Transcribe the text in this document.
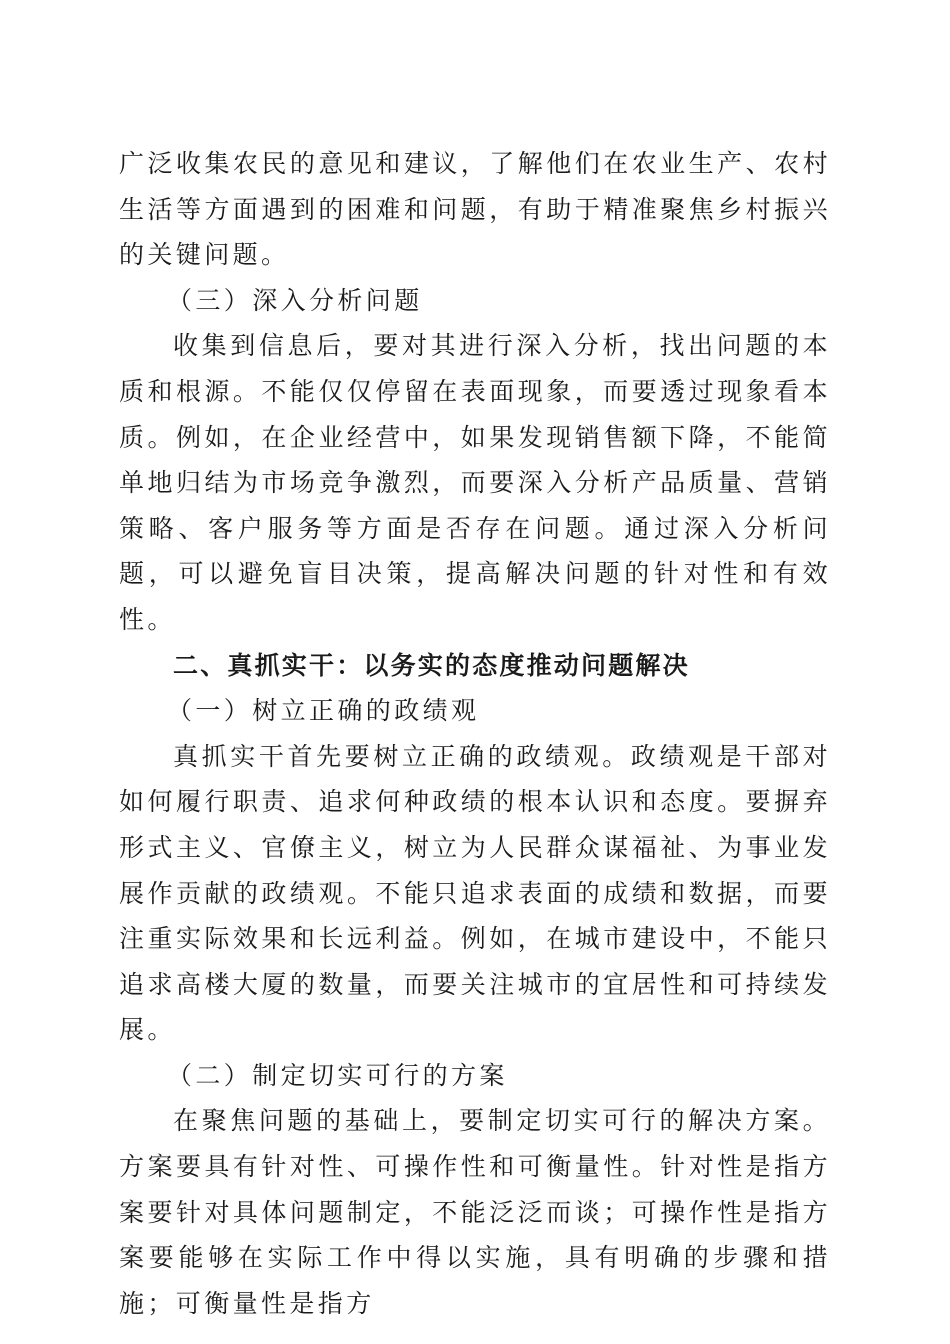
广泛收集农民的意见和建议，了解他们在农业生产、农村生活等方面遇到的困难和问题，有助于精准聚焦乡村振兴的关键问题。

（三）深入分析问题

收集到信息后，要对其进行深入分析，找出问题的本质和根源。不能仅仅停留在表面现象，而要透过现象看本质。例如，在企业经营中，如果发现销售额下降，不能简单地归结为市场竞争激烈，而要深入分析产品质量、营销策略、客户服务等方面是否存在问题。通过深入分析问题，可以避免盲目决策，提高解决问题的针对性和有效性。

二、真抓实干：以务实的态度推动问题解决

（一）树立正确的政绩观

真抓实干首先要树立正确的政绩观。政绩观是干部对如何履行职责、追求何种政绩的根本认识和态度。要摒弃形式主义、官僚主义，树立为人民群众谋福祉、为事业发展作贡献的政绩观。不能只追求表面的成绩和数据，而要注重实际效果和长远利益。例如，在城市建设中，不能只追求高楼大厦的数量，而要关注城市的宜居性和可持续发展。

（二）制定切实可行的方案

在聚焦问题的基础上，要制定切实可行的解决方案。方案要具有针对性、可操作性和可衡量性。针对性是指方案要针对具体问题制定，不能泛泛而谈；可操作性是指方案要能够在实际工作中得以实施，具有明确的步骤和措施；可衡量性是指方
